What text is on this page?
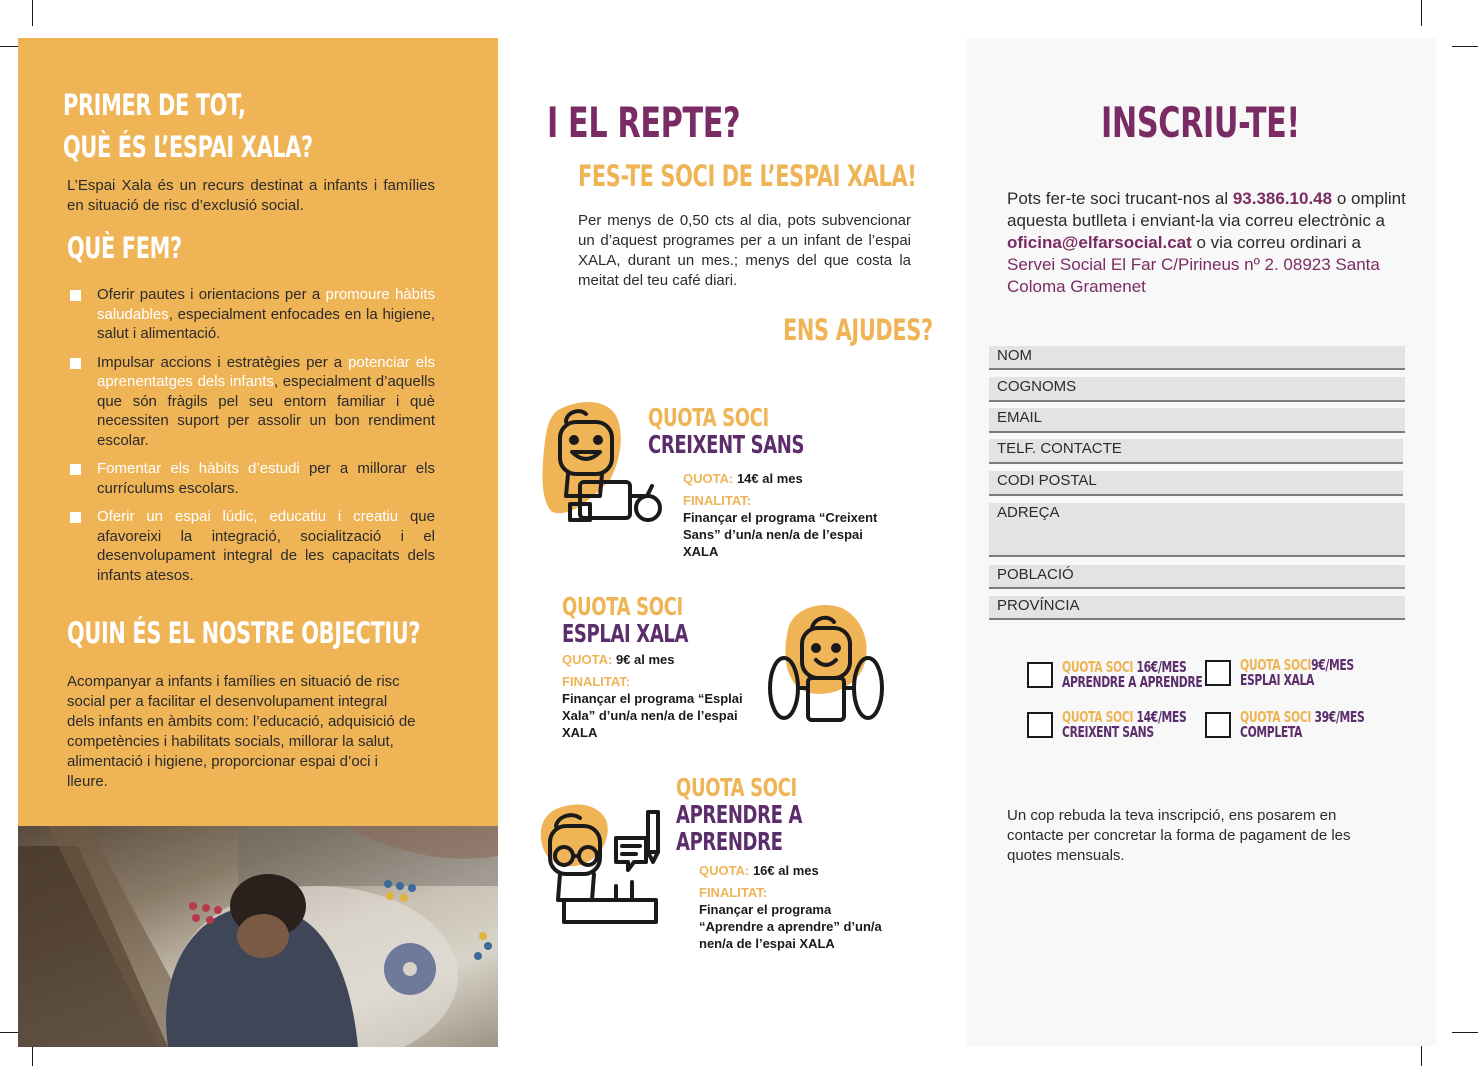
PRIMER DE TOT,
QUÈ ÉS L’ESPAI XALA?
L’Espai Xala és un recurs destinat a infants i famílies en situació de risc d’exclusió social.
QUÈ FEM?
Oferir pautes i orientacions per a promoure hàbits saludables, especialment enfocades en la higiene, salut i alimentació.
Impulsar accions i estratègies per a potenciar els aprenentatges dels infants, especialment d’aquells que són fràgils pel seu entorn familiar i què necessiten suport per assolir un bon rendiment escolar.
Fomentar els hàbits d’estudi per a millorar els currículums escolars.
Oferir un espai lúdic, educatiu i creatiu que afavoreixi la integració, socialització i el desenvolupament integral de les capacitats dels infants atesos.
QUIN ÉS EL NOSTRE OBJECTIU?
Acompanyar a infants i famílies en situació de risc social per a facilitar el desenvolupament integral dels infants en àmbits com: l’educació, adquisició de competències i habilitats socials, millorar la salut, alimentació i higiene, proporcionar espai d’oci i lleure.
I EL REPTE?
FES-TE SOCI DE L’ESPAI XALA!
Per menys de 0,50 cts al dia, pots subvencionar un d’aquest programes per a un infant de l’espai XALA, durant un mes.; menys del que costa la meitat del teu café diari.
ENS AJUDES?
QUOTA SOCI
CREIXENT SANS
QUOTA: 14€ al mes
FINALITAT:
Finançar el programa “Creixent Sans” d’un/a nen/a de l’espai XALA
QUOTA SOCI
ESPLAI XALA
QUOTA: 9€ al mes
FINALITAT:
Finançar el programa “Esplai Xala” d’un/a nen/a de l’espai XALA
QUOTA SOCI
APRENDRE A
APRENDRE
QUOTA: 16€ al mes
FINALITAT:
Finançar el programa “Aprendre a aprendre” d’un/a nen/a de l’espai XALA
INSCRIU-TE!
Pots fer-te soci trucant-nos al 93.386.10.48 o omplint aquesta butlleta i enviant-la via correu electrònic a oficina@elfarsocial.cat o via correu ordinari a Servei Social El Far C/Pirineus nº 2. 08923 Santa Coloma Gramenet
NOM
COGNOMS
EMAIL
TELF. CONTACTE
CODI POSTAL
ADREÇA
POBLACIÓ
PROVÍNCIA
QUOTA SOCI 16€/MES
APRENDRE A APRENDRE
QUOTA SOCI9€/MES
ESPLAI XALA
QUOTA SOCI 14€/MES
CREIXENT SANS
QUOTA SOCI 39€/MES
COMPLETA
Un cop rebuda la teva inscripció, ens posarem en contacte per concretar la forma de pagament de les quotes mensuals.
